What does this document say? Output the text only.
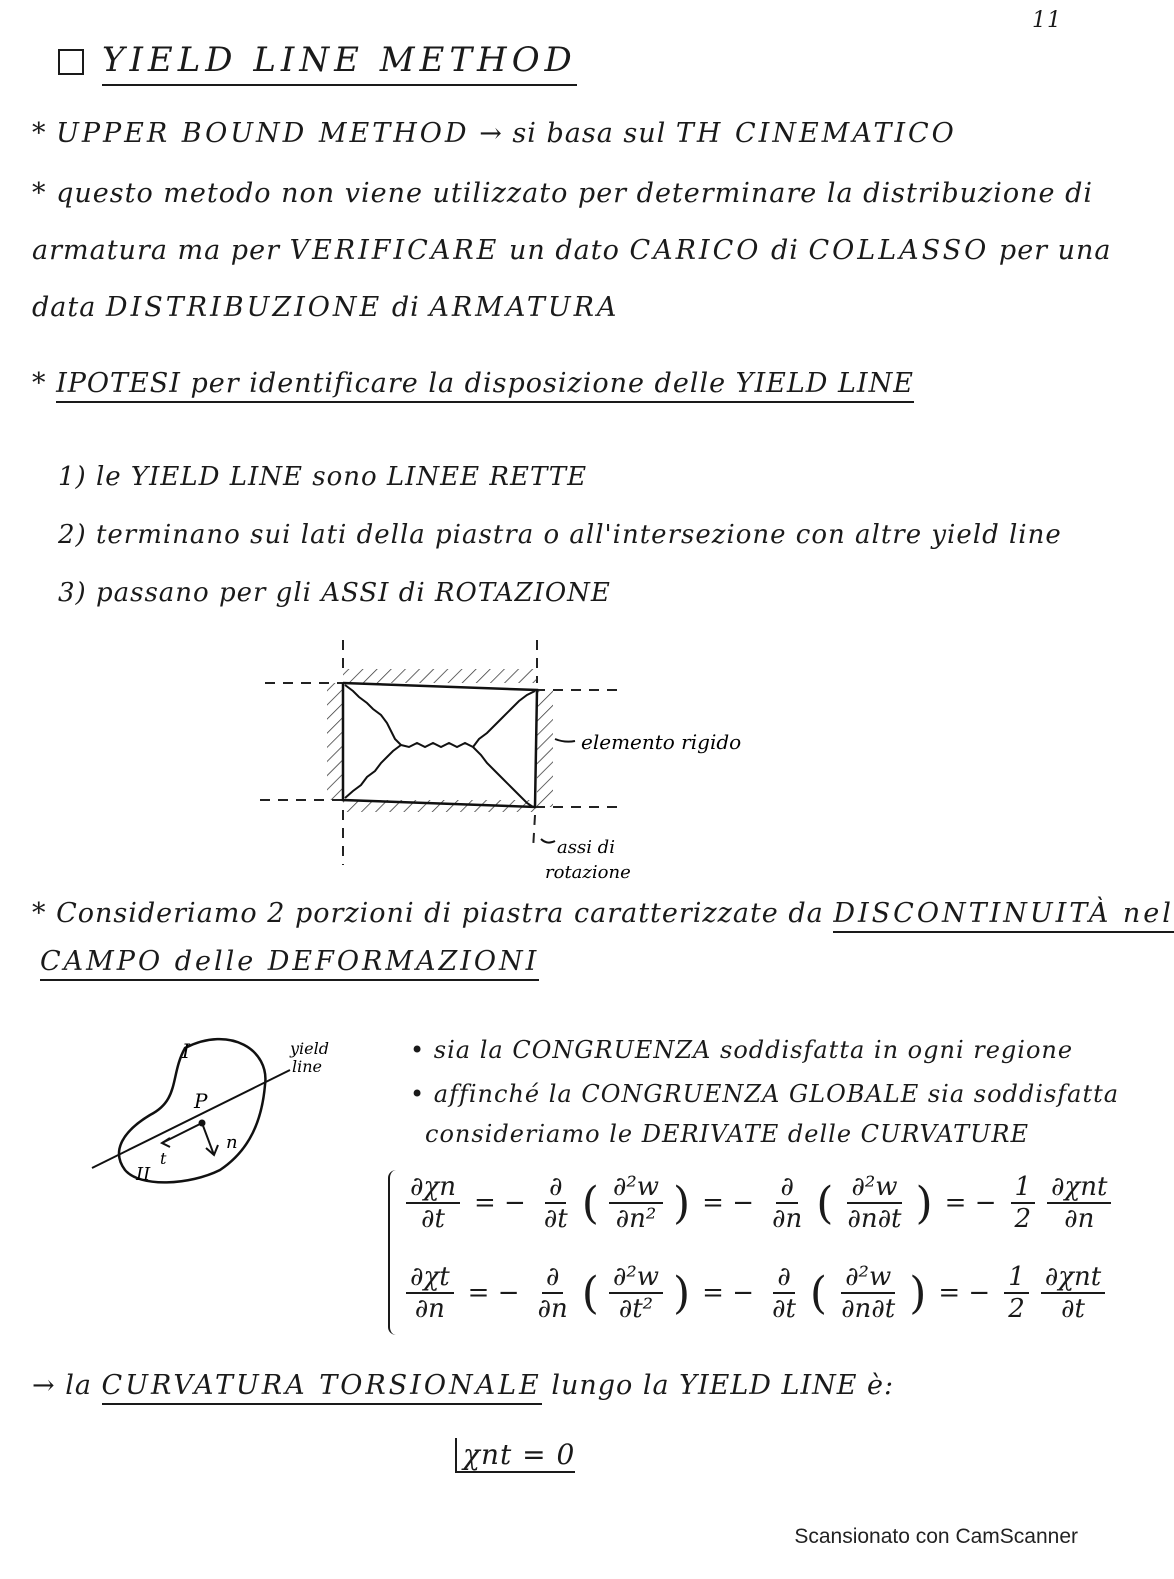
11
YIELD LINE METHOD
* UPPER BOUND METHOD → si basa sul TH CINEMATICO
* questo metodo non viene utilizzato per determinare la distribuzione di
armatura ma per VERIFICARE un dato CARICO di COLLASSO per una
data DISTRIBUZIONE di ARMATURA
* IPOTESI per identificare la disposizione delle YIELD LINE
1) le YIELD LINE sono LINEE RETTE
2) terminano sui lati della piastra o all'intersezione con altre yield line
3) passano per gli ASSI di ROTAZIONE
elemento rigido
assi di
rotazione
* Consideriamo 2 porzioni di piastra caratterizzate da DISCONTINUITÀ nel
CAMPO delle DEFORMAZIONI
I
II
P
n
t
yield
line
• sia la CONGRUENZA soddisfatta in ogni regione
• affinché la CONGRUENZA GLOBALE sia soddisfatta
consideriamo le DERIVATE delle CURVATURE
$\frac{\partial\chi n}{\partial t}$ = − $\frac{\partial}{\partial t}$ ( $\frac{\text{∂²w}}{\text{∂n²}}$ ) = − $\frac{\partial}{\partial n}$ ( $\frac{\text{∂²w}}{\partial n\partial t}$ ) = − $\frac{1}{2} \frac{\text{∂χnt}}{\partial n}$
$\frac{\partial\chi t}{\partial n}$ = − $\frac{\partial}{\partial n}$ ( $\frac{\text{∂²w}}{\text{∂t²}}$ ) = − $\frac{\partial}{\partial t}$ ( $\frac{\text{∂²w}}{\partial n\partial t}$ ) = − $\frac{1}{2} \frac{\text{∂χnt}}{\partial t}$
→ la CURVATURA TORSIONALE lungo la YIELD LINE è:
χnt = 0
Scansionato con CamScanner
